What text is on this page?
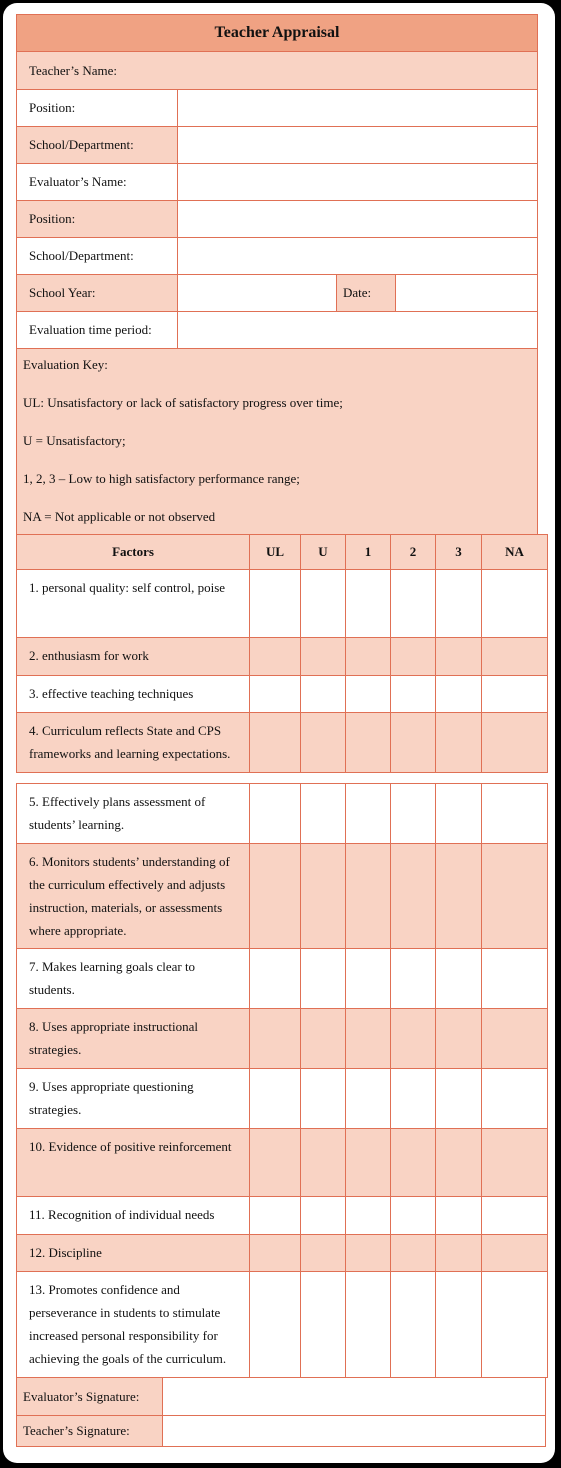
Teacher Appraisal
Teacher’s Name:
Position:
School/Department:
Evaluator’s Name:
Position:
School/Department:
School Year:	Date:
Evaluation time period:
Evaluation Key:
UL: Unsatisfactory or lack of satisfactory progress over time;
U = Unsatisfactory;
1, 2, 3 – Low to high satisfactory performance range;
NA = Not applicable or not observed
Factors	UL	U	1	2	3	NA
1. personal quality: self control, poise						
2. enthusiasm for work						
3. effective teaching techniques						
4. Curriculum reflects State and CPS frameworks and learning expectations.						
5. Effectively plans assessment of students’ learning.						
6. Monitors students’ understanding of the curriculum effectively and adjusts instruction, materials, or assessments where appropriate.						
7. Makes learning goals clear to students.						
8. Uses appropriate instructional strategies.						
9. Uses appropriate questioning strategies.						
10. Evidence of positive reinforcement						
11. Recognition of individual needs						
12. Discipline						
13. Promotes confidence and perseverance in students to stimulate increased personal responsibility for achieving the goals of the curriculum.						
Evaluator’s Signature:
Teacher’s Signature:
